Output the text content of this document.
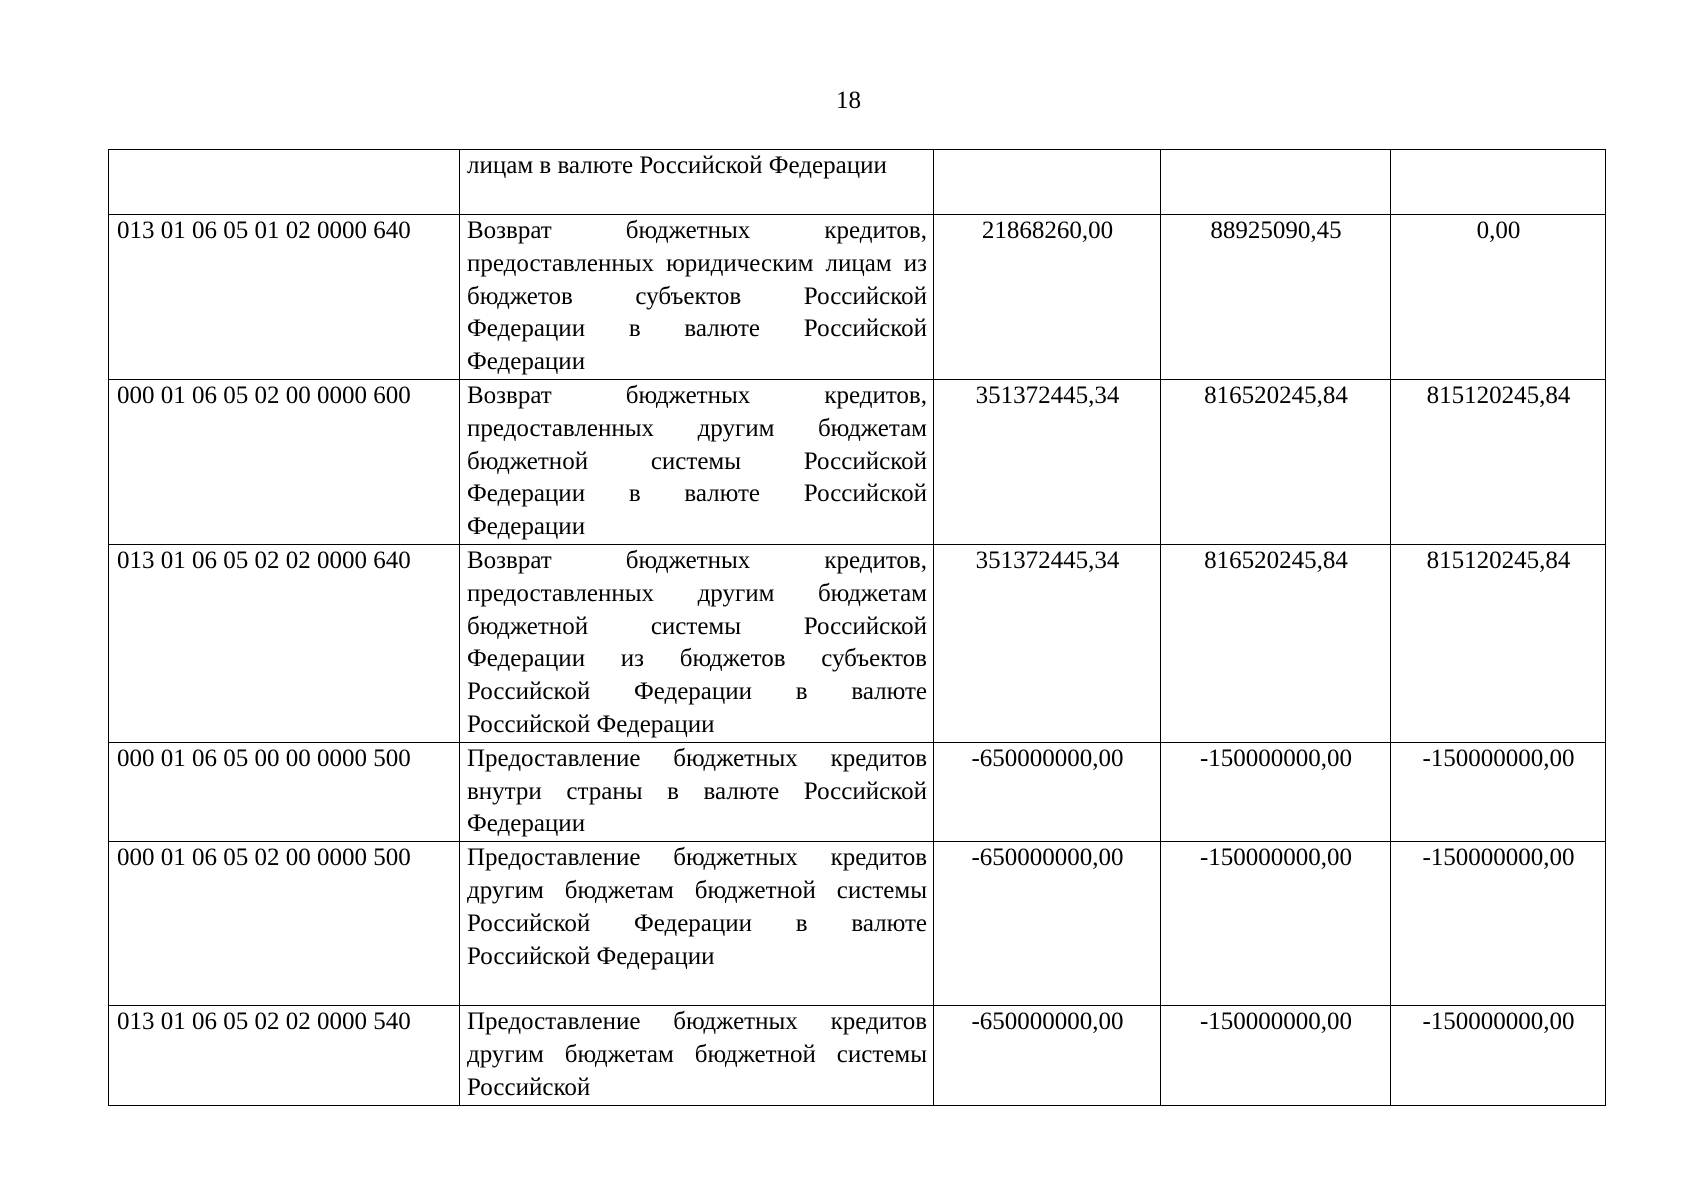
18
	лицам в валюте Российской Федерации			
013 01 06 05 01 02 0000 640	Возврат бюджетных кредитов, предоставленных юридическим лицам из бюджетов субъектов Российской Федерации в валюте Российской Федерации	21868260,00	88925090,45	0,00
000 01 06 05 02 00 0000 600	Возврат бюджетных кредитов, предоставленных другим бюджетам бюджетной системы Российской Федерации в валюте Российской Федерации	351372445,34	816520245,84	815120245,84
013 01 06 05 02 02 0000 640	Возврат бюджетных кредитов, предоставленных другим бюджетам бюджетной системы Российской Федерации из бюджетов субъектов Российской Федерации в валюте Российской Федерации	351372445,34	816520245,84	815120245,84
000 01 06 05 00 00 0000 500	Предоставление бюджетных кредитов внутри страны в валюте Российской Федерации	-650000000,00	-150000000,00	-150000000,00
000 01 06 05 02 00 0000 500	Предоставление бюджетных кредитов другим бюджетам бюджетной системы Российской Федерации в валюте Российской Федерации	-650000000,00	-150000000,00	-150000000,00
013 01 06 05 02 02 0000 540	Предоставление бюджетных кредитов другим бюджетам бюджетной системы Российской	-650000000,00	-150000000,00	-150000000,00
